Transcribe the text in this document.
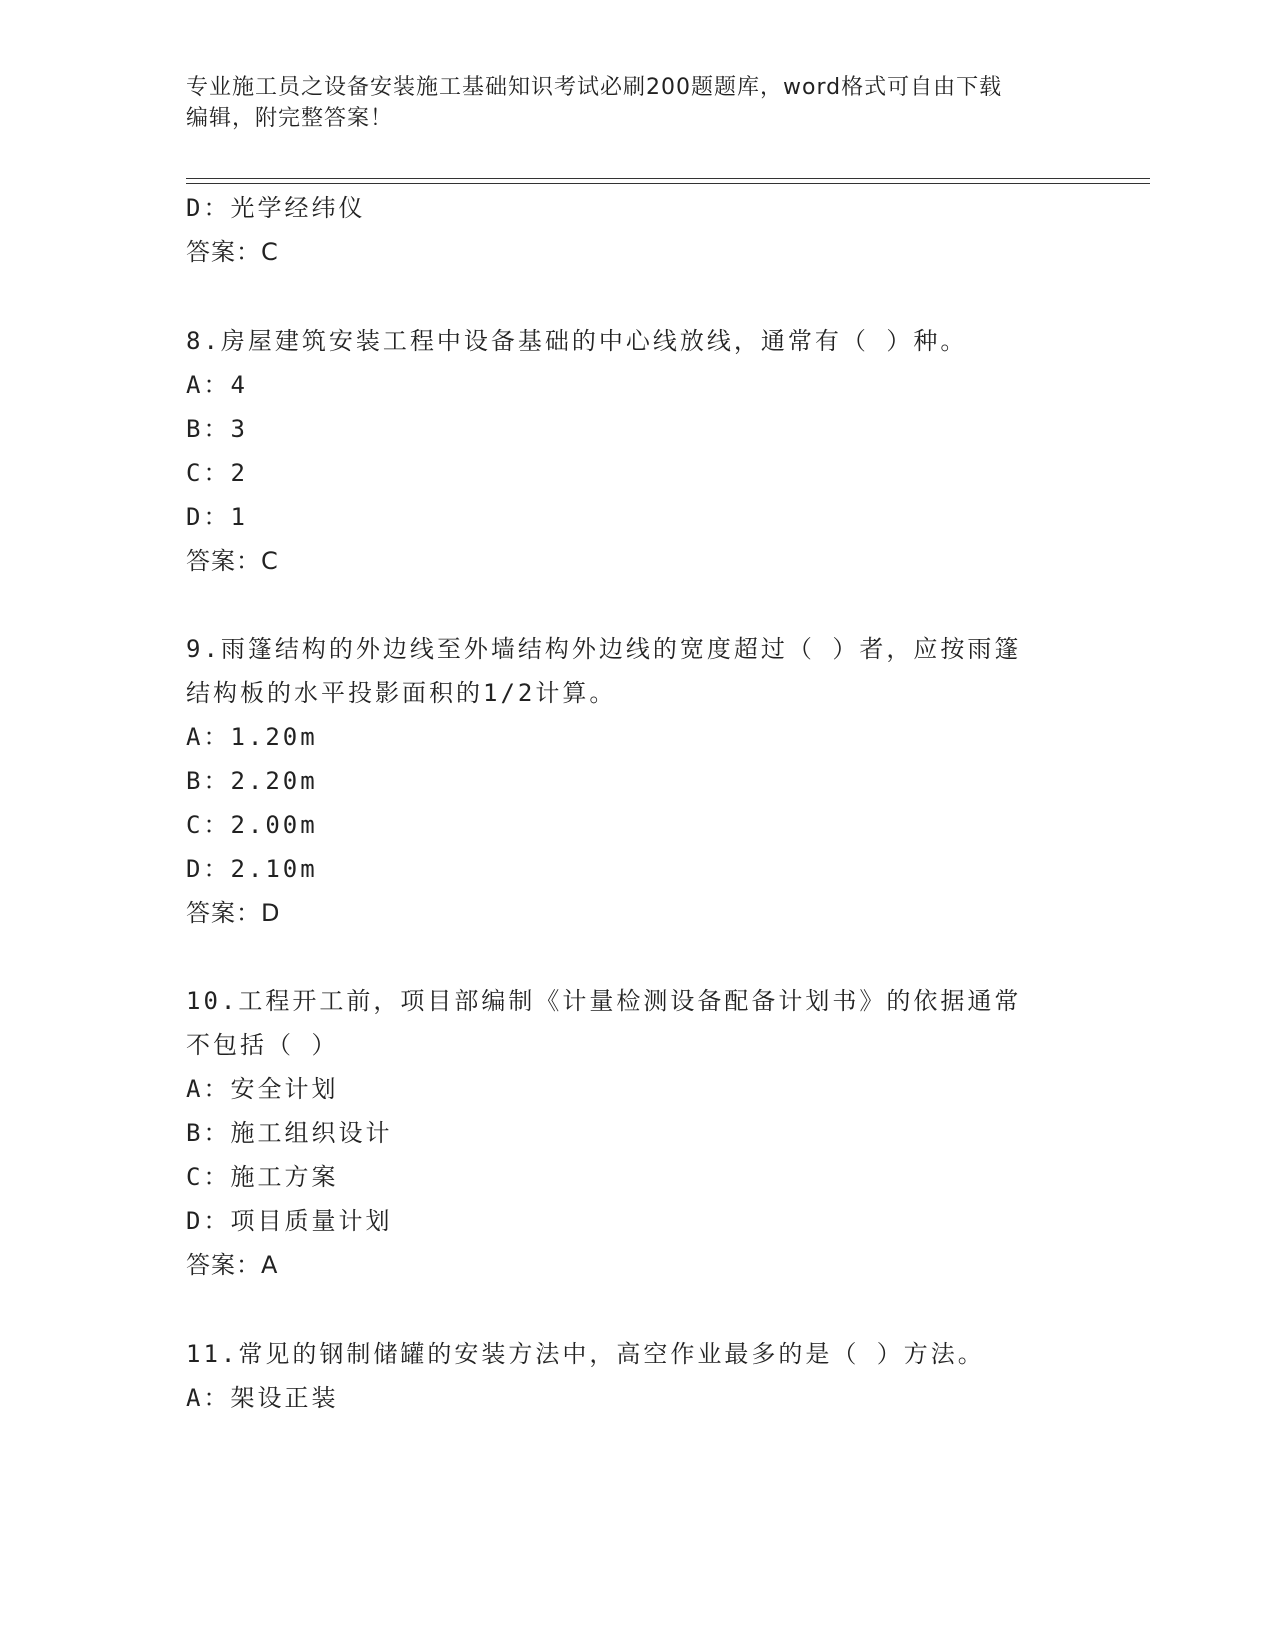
专业施工员之设备安装施工基础知识考试必刷200题题库，word格式可自由下载
编辑，附完整答案！
D：光学经纬仪
答案：C
8.房屋建筑安装工程中设备基础的中心线放线，通常有（ ）种。
A：4
B：3
C：2
D：1
答案：C
9.雨篷结构的外边线至外墙结构外边线的宽度超过（ ）者，应按雨篷
结构板的水平投影面积的1/2计算。
A：1.20m
B：2.20m
C：2.00m
D：2.10m
答案：D
10.工程开工前，项目部编制《计量检测设备配备计划书》的依据通常
不包括（ ）
A：安全计划
B：施工组织设计
C：施工方案
D：项目质量计划
答案：A
11.常见的钢制储罐的安装方法中，高空作业最多的是（ ）方法。
A：架设正装
